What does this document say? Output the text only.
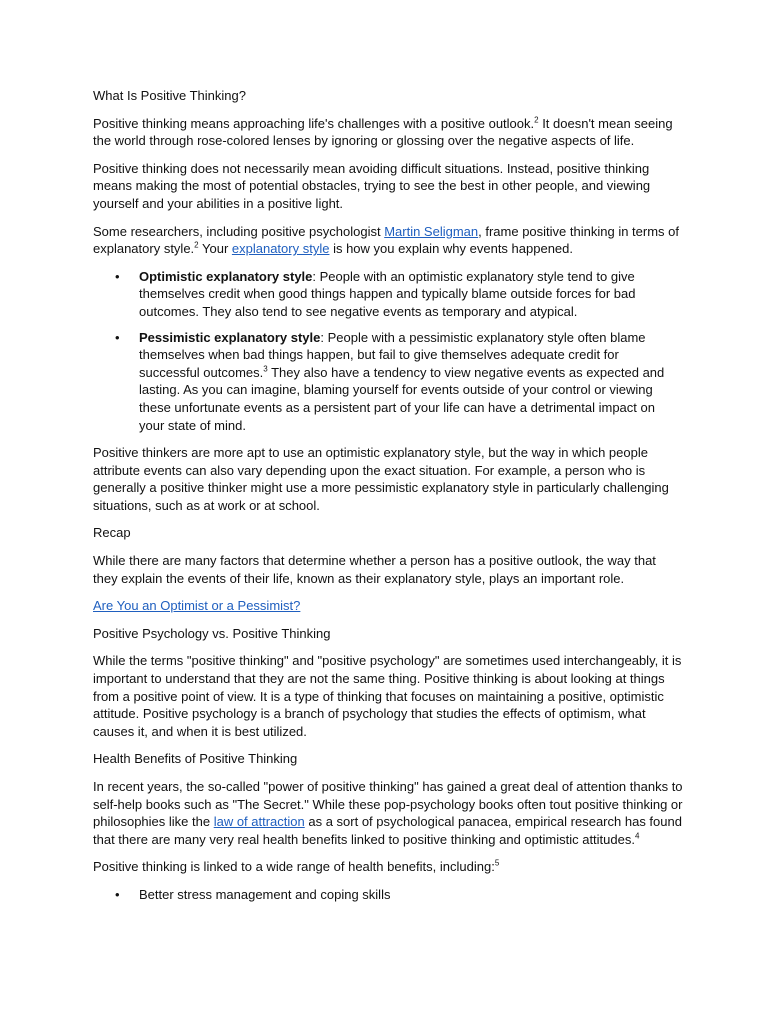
What Is Positive Thinking?

Positive thinking means approaching life's challenges with a positive outlook.$^2$ It doesn't mean seeing the world through rose-colored lenses by ignoring or glossing over the negative aspects of life.

Positive thinking does not necessarily mean avoiding difficult situations. Instead, positive thinking means making the most of potential obstacles, trying to see the best in other people, and viewing yourself and your abilities in a positive light.

Some researchers, including positive psychologist Martin Seligman, frame positive thinking in terms of explanatory style.$^2$ Your explanatory style is how you explain why events happened.

• Optimistic explanatory style: People with an optimistic explanatory style tend to give themselves credit when good things happen and typically blame outside forces for bad outcomes. They also tend to see negative events as temporary and atypical.
• Pessimistic explanatory style: People with a pessimistic explanatory style often blame themselves when bad things happen, but fail to give themselves adequate credit for successful outcomes.$^3$ They also have a tendency to view negative events as expected and lasting. As you can imagine, blaming yourself for events outside of your control or viewing these unfortunate events as a persistent part of your life can have a detrimental impact on your state of mind.

Positive thinkers are more apt to use an optimistic explanatory style, but the way in which people attribute events can also vary depending upon the exact situation. For example, a person who is generally a positive thinker might use a more pessimistic explanatory style in particularly challenging situations, such as at work or at school.

Recap

While there are many factors that determine whether a person has a positive outlook, the way that they explain the events of their life, known as their explanatory style, plays an important role.

Are You an Optimist or a Pessimist?

Positive Psychology vs. Positive Thinking

While the terms "positive thinking" and "positive psychology" are sometimes used interchangeably, it is important to understand that they are not the same thing. Positive thinking is about looking at things from a positive point of view. It is a type of thinking that focuses on maintaining a positive, optimistic attitude. Positive psychology is a branch of psychology that studies the effects of optimism, what causes it, and when it is best utilized.

Health Benefits of Positive Thinking

In recent years, the so-called "power of positive thinking" has gained a great deal of attention thanks to self-help books such as "The Secret." While these pop-psychology books often tout positive thinking or philosophies like the law of attraction as a sort of psychological panacea, empirical research has found that there are many very real health benefits linked to positive thinking and optimistic attitudes.$^4$

Positive thinking is linked to a wide range of health benefits, including:$^5$

• Better stress management and coping skills
